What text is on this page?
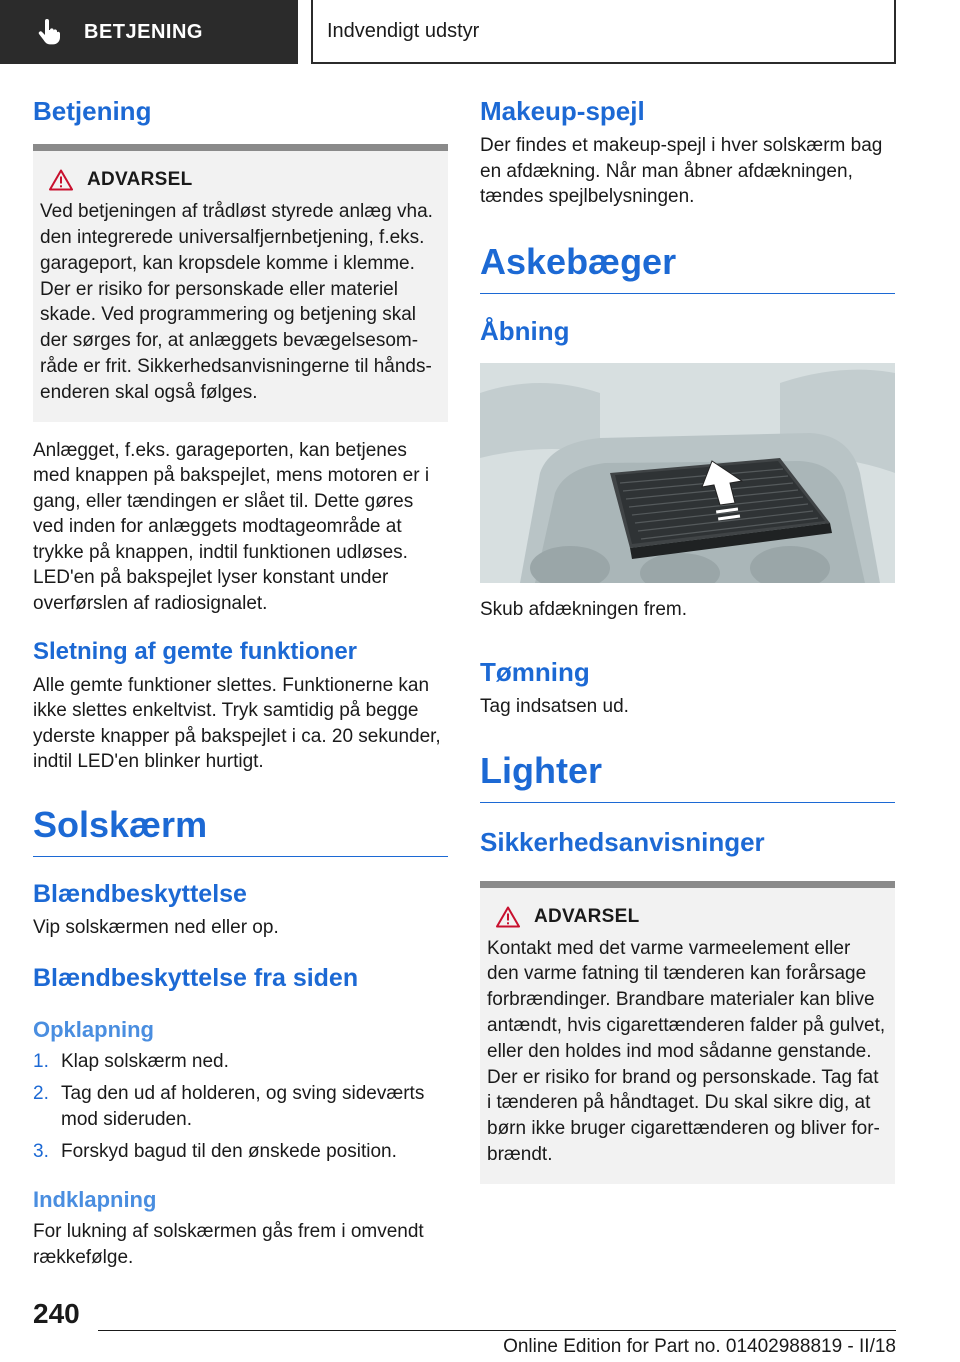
BETJENING	Indvendigt udstyr
Betjening
ADVARSEL
Ved betjeningen af trådløst styrede anlæg vha. den integrerede universalfjernbetjening, f.eks. garageport, kan kropsdele komme i klemme. Der er risiko for personskade eller materiel skade. Ved programmering og betjening skal der sørges for, at anlæggets bevægelsesområde er frit. Sikkerhedsanvisningerne til håndsenderen skal også følges.
Anlægget, f.eks. garageporten, kan betjenes med knappen på bakspejlet, mens motoren er i gang, eller tændingen er slået til. Dette gøres ved inden for anlæggets modtageområde at trykke på knappen, indtil funktionen udløses. LED'en på bakspejlet lyser konstant under overførslen af radiosignalet.
Sletning af gemte funktioner
Alle gemte funktioner slettes. Funktionerne kan ikke slettes enkeltvist. Tryk samtidig på begge yderste knapper på bakspejlet i ca. 20 sekunder, indtil LED'en blinker hurtigt.
Solskærm
Blændbeskyttelse
Vip solskærmen ned eller op.
Blændbeskyttelse fra siden
Opklapning
1. Klap solskærm ned.
2. Tag den ud af holderen, og sving sideværts mod sideruden.
3. Forskyd bagud til den ønskede position.
Indklapning
For lukning af solskærmen gås frem i omvendt rækkefølge.
Makeup-spejl
Der findes et makeup-spejl i hver solskærm bag en afdækning. Når man åbner afdækningen, tændes spejlbelysningen.
Askebæger
Åbning
Skub afdækningen frem.
Tømning
Tag indsatsen ud.
Lighter
Sikkerhedsanvisninger
ADVARSEL
Kontakt med det varme varmeelement eller den varme fatning til tænderen kan forårsage forbrændinger. Brandbare materialer kan blive antændt, hvis cigarettænderen falder på gulvet, eller den holdes ind mod sådanne genstande. Der er risiko for brand og personskade. Tag fat i tænderen på håndtaget. Du skal sikre dig, at børn ikke bruger cigarettænderen og bliver forbrændt.
240
Online Edition for Part no. 01402988819 - II/18
